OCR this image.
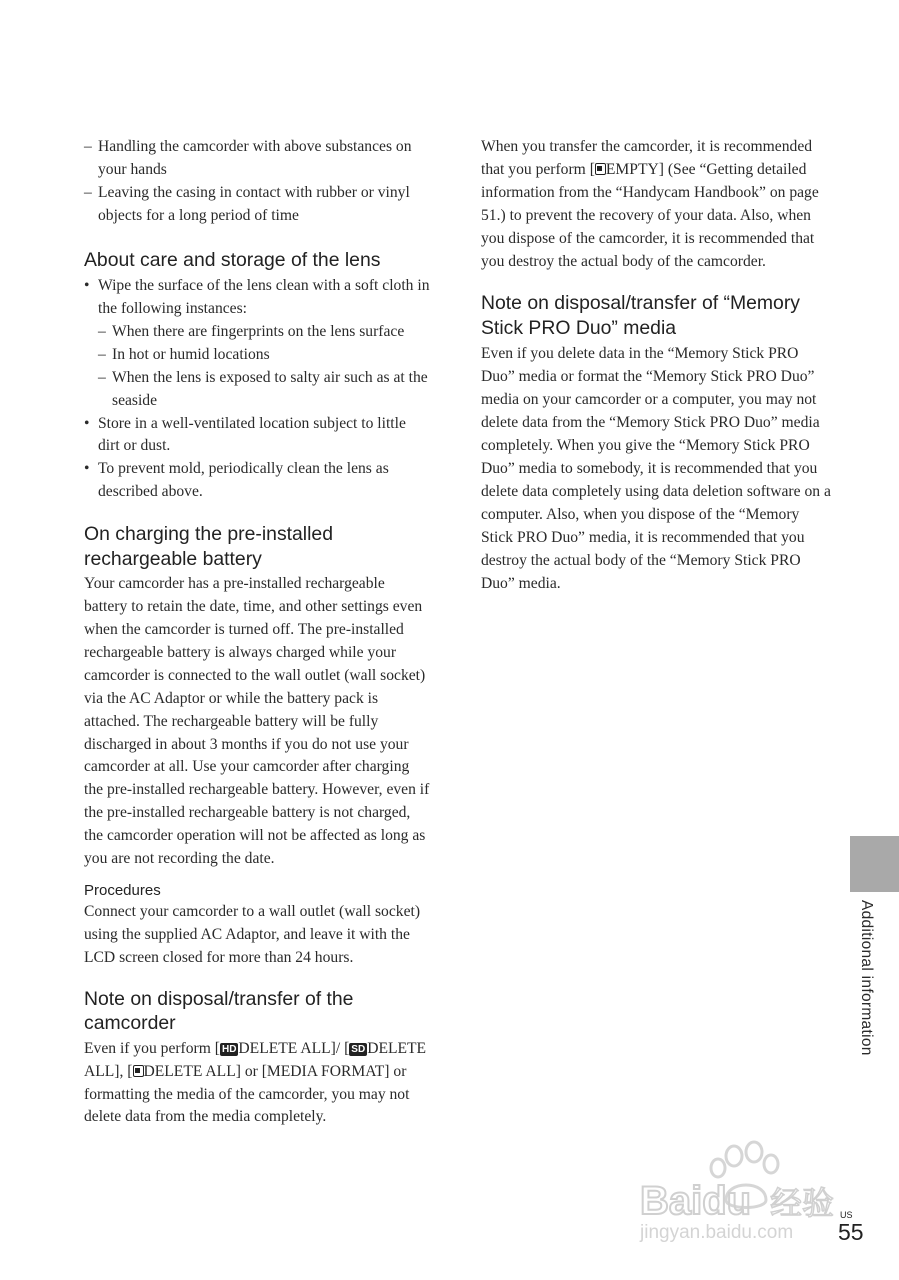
– Handling the camcorder with above substances on your hands
– Leaving the casing in contact with rubber or vinyl objects for a long period of time
About care and storage of the lens
• Wipe the surface of the lens clean with a soft cloth in the following instances:
– When there are fingerprints on the lens surface
– In hot or humid locations
– When the lens is exposed to salty air such as at the seaside
• Store in a well-ventilated location subject to little dirt or dust.
• To prevent mold, periodically clean the lens as described above.
On charging the pre-installed
rechargeable battery

Your camcorder has a pre-installed rechargeable battery to retain the date, time, and other settings even when the camcorder is turned off. The pre-installed rechargeable battery is always charged while your camcorder is connected to the wall outlet (wall socket) via the AC Adaptor or while the battery pack is attached. The rechargeable battery will be fully discharged in about 3 months if you do not use your camcorder at all. Use your camcorder after charging the pre-installed rechargeable battery. However, even if the pre-installed rechargeable battery is not charged, the camcorder operation will not be affected as long as you are not recording the date.

Procedures

Connect your camcorder to a wall outlet (wall socket) using the supplied AC Adaptor, and leave it with the LCD screen closed for more than 24 hours.

Note on disposal/transfer of the
camcorder

Even if you perform [ HD DELETE ALL]/ [ SD DELETE ALL], [ DELETE ALL] or [MEDIA FORMAT] or formatting the media of the camcorder, you may not delete data from the media completely.

When you transfer the camcorder, it is recommended that you perform [ EMPTY] (See “Getting detailed information from the “Handycam Handbook” on page 51.) to prevent the recovery of your data. Also, when you dispose of the camcorder, it is recommended that you destroy the actual body of the camcorder.

Note on disposal/transfer of “Memory
Stick PRO Duo” media

Even if you delete data in the “Memory Stick PRO Duo” media or format the “Memory Stick PRO Duo” media on your camcorder or a computer, you may not delete data from the “Memory Stick PRO Duo” media completely. When you give the “Memory Stick PRO Duo” media to somebody, it is recommended that you delete data completely using data deletion software on a computer. Also, when you dispose of the “Memory Stick PRO Duo” media, it is recommended that you destroy the actual body of the “Memory Stick PRO Duo” media.

Additional information
Baidu 经验
jingyan.baidu.com
US
55
